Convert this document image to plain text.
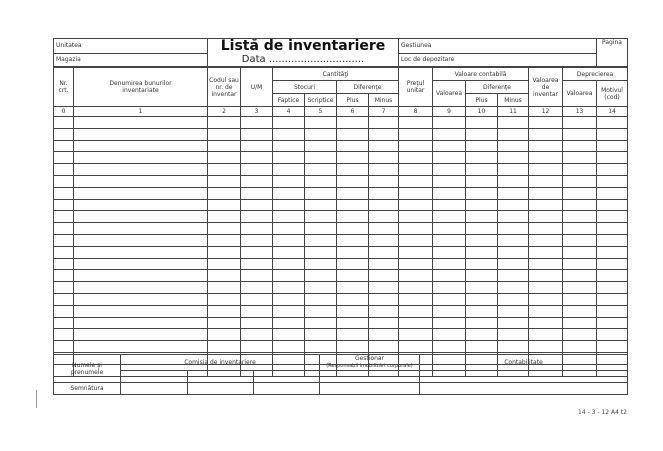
Unitatea	Listă de inventariere	Gestiunea	Pagina
Magazia	Data ..............................	Loc de depozitare	
Nr. crt.	Denumirea bunurilor inventariate	Codul sau nr. de inventar	U/M	Cantităţi				Preţul unitar	Valoare contabilă			Valoarea de inventar	Deprecierea	
				Stocuri		Diferenţe			Valoarea	Diferenţe			Valoarea	Motivul (cod)
				Faptice	Scriptice	Plus	Minus			Plus	Minus			
0	1	2	3	4	5	6	7	8	9	10	11	12	13	14

Numele şi prenumele	Comisia de inventariere			Gestionar
(Responsabil imobilizări corporale)	Contabilitate

Semnătura					
14 - 3 - 12 A4 t2
